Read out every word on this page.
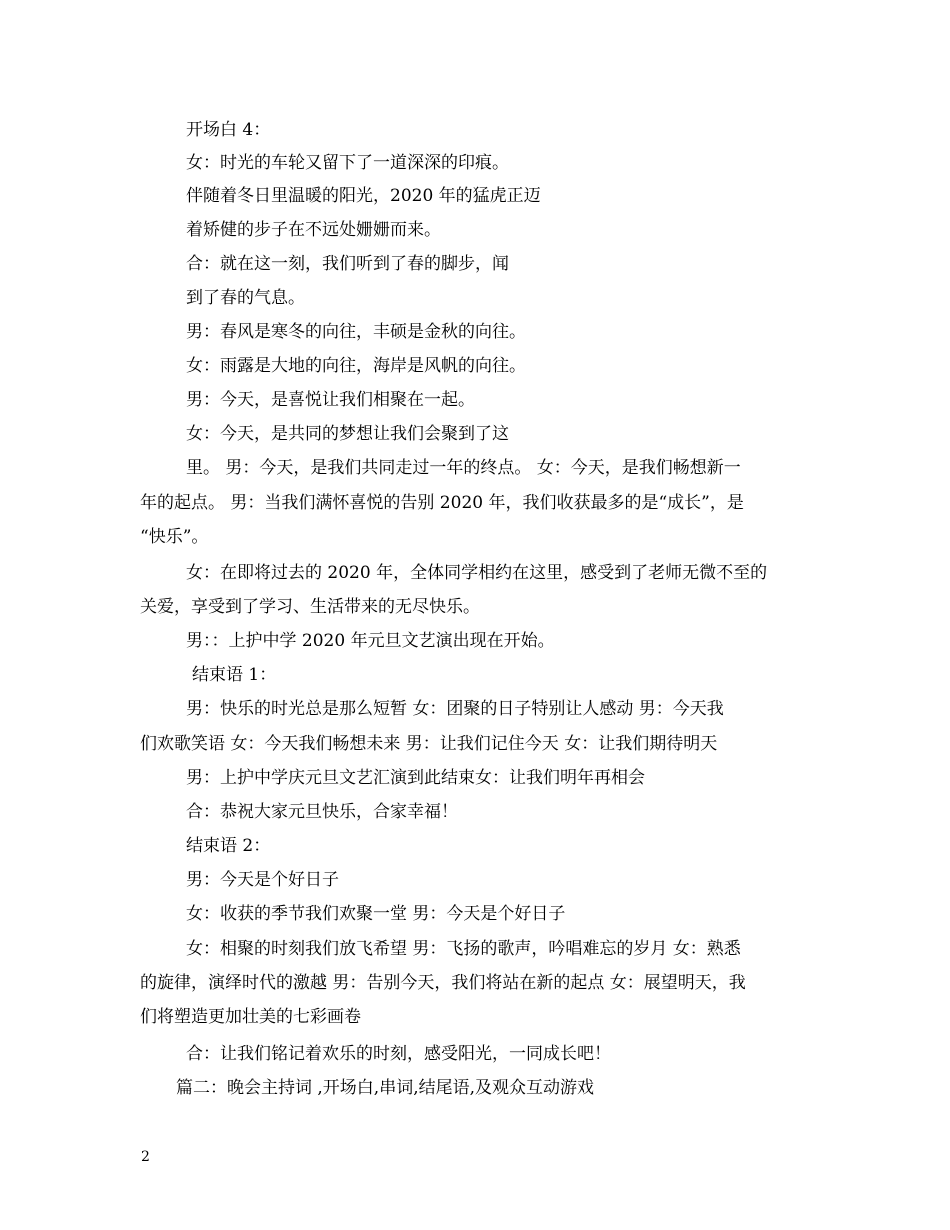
开场白 4：

女：时光的车轮又留下了一道深深的印痕。

伴随着冬日里温暖的阳光，2020 年的猛虎正迈

着矫健的步子在不远处姗姗而来。

合：就在这一刻，我们听到了春的脚步，闻

到了春的气息。

男：春风是寒冬的向往，丰硕是金秋的向往。

女：雨露是大地的向往，海岸是风帆的向往。

男：今天，是喜悦让我们相聚在一起。

女：今天，是共同的梦想让我们会聚到了这

里。 男：今天，是我们共同走过一年的终点。 女：今天，是我们畅想新一

年的起点。 男：当我们满怀喜悦的告别 2020 年，我们收获最多的是“成长”，是

“快乐”。

女：在即将过去的 2020 年，全体同学相约在这里，感受到了老师无微不至的

关爱，享受到了学习、生活带来的无尽快乐。

男：：上护中学 2020 年元旦文艺演出现在开始。

结束语 1：

男：快乐的时光总是那么短暂 女：团聚的日子特别让人感动 男：今天我

们欢歌笑语 女：今天我们畅想未来 男：让我们记住今天 女：让我们期待明天

男：上护中学庆元旦文艺汇演到此结束女：让我们明年再相会

合：恭祝大家元旦快乐，合家幸福！

结束语 2：

男：今天是个好日子

女：收获的季节我们欢聚一堂 男：今天是个好日子

女：相聚的时刻我们放飞希望 男：飞扬的歌声，吟唱难忘的岁月 女：熟悉

的旋律，演绎时代的激越 男：告别今天，我们将站在新的起点 女：展望明天，我

们将塑造更加壮美的七彩画卷

合：让我们铭记着欢乐的时刻，感受阳光，一同成长吧！

篇二：晚会主持词 ,开场白,串词,结尾语,及观众互动游戏

2
